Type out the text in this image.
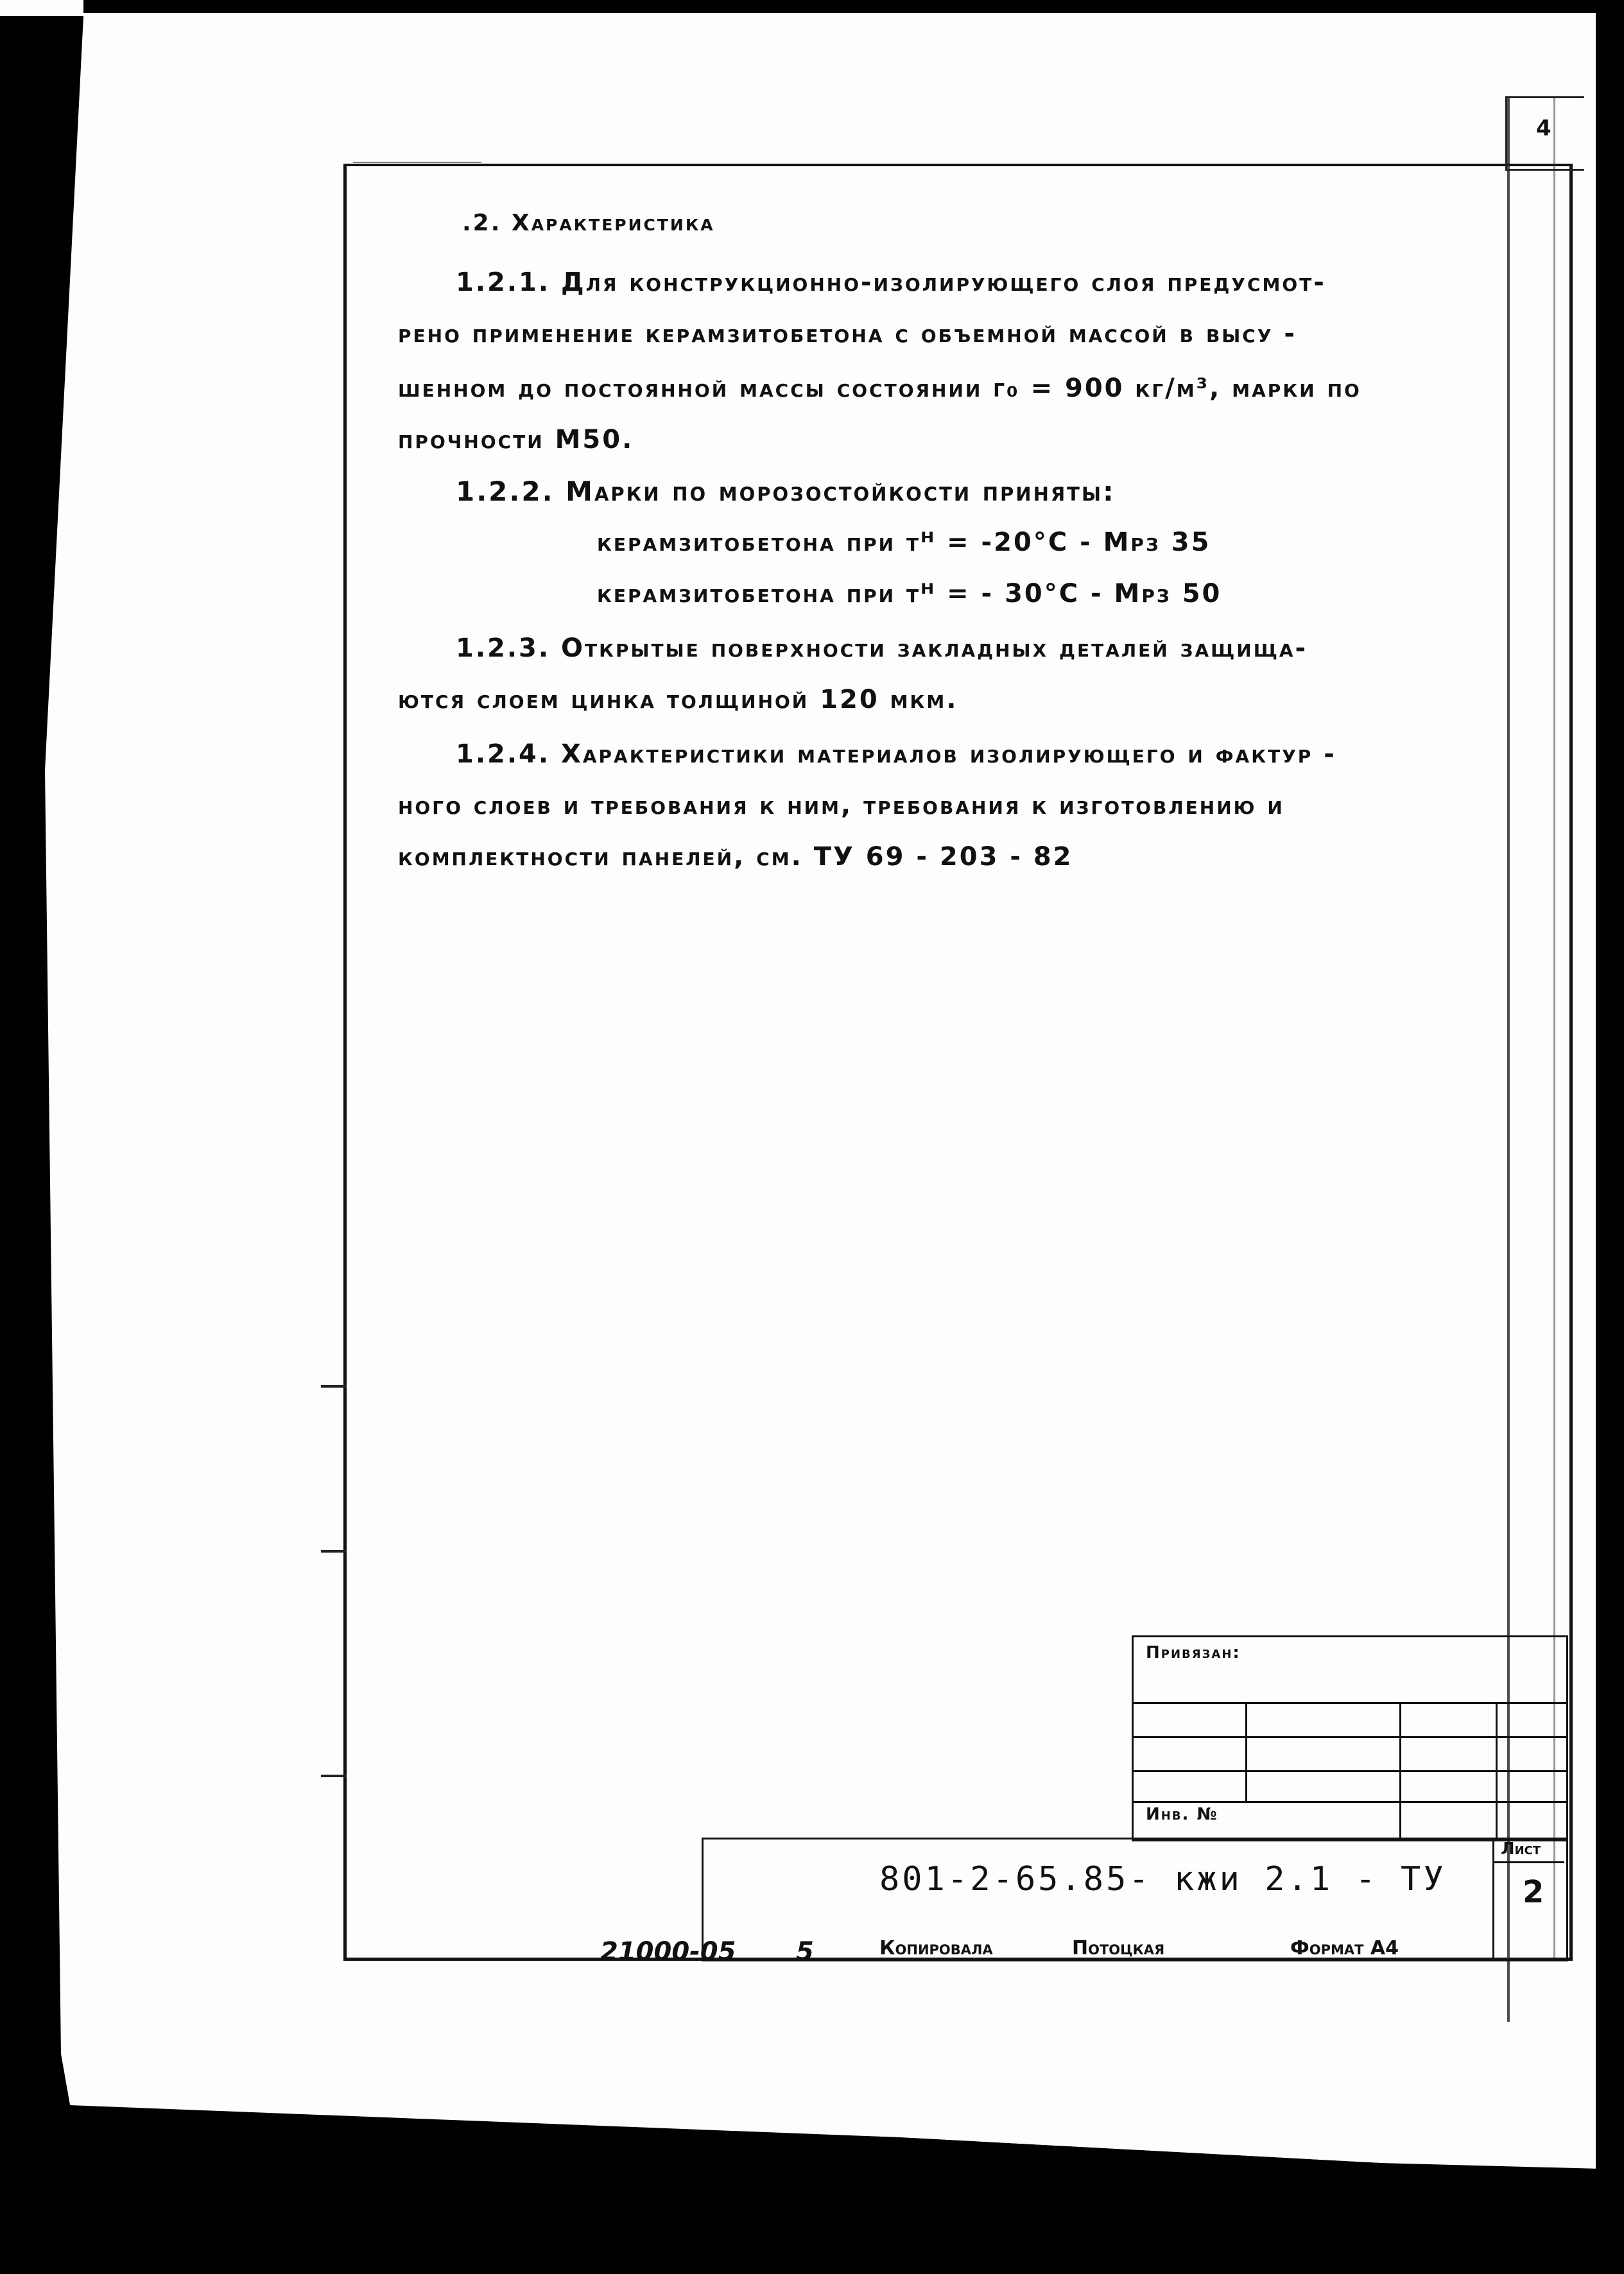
4

.2. Характеристика

1.2.1. Для конструкционно-изолирующего слоя предусмот-

рено применение керамзитобетона с объемной массой в высу -

шенном до постоянной массы состоянии γ₀ = 900 кг/м³, марки по

прочности М50.

1.2.2. Марки по морозостойкости приняты:

керамзитобетона при tᴴ = -20°С - Мрз 35

керамзитобетона при tᴴ = - 30°С - Мрз 50

1.2.3. Открытые поверхности закладных деталей защища-

ются слоем цинка толщиной 120 мкм.

1.2.4. Характеристики материалов изолирующего и фактур -

ного слоев и требования к ним, требования к изготовлению и

комплектности панелей, см. ТУ 69 - 203 - 82

Привязан:
Инв. №
801-2-65.85- кжи 2.1 - ТУ
Лист
2
21000-05 5	Копировала	Потоцкая	Формат А4
